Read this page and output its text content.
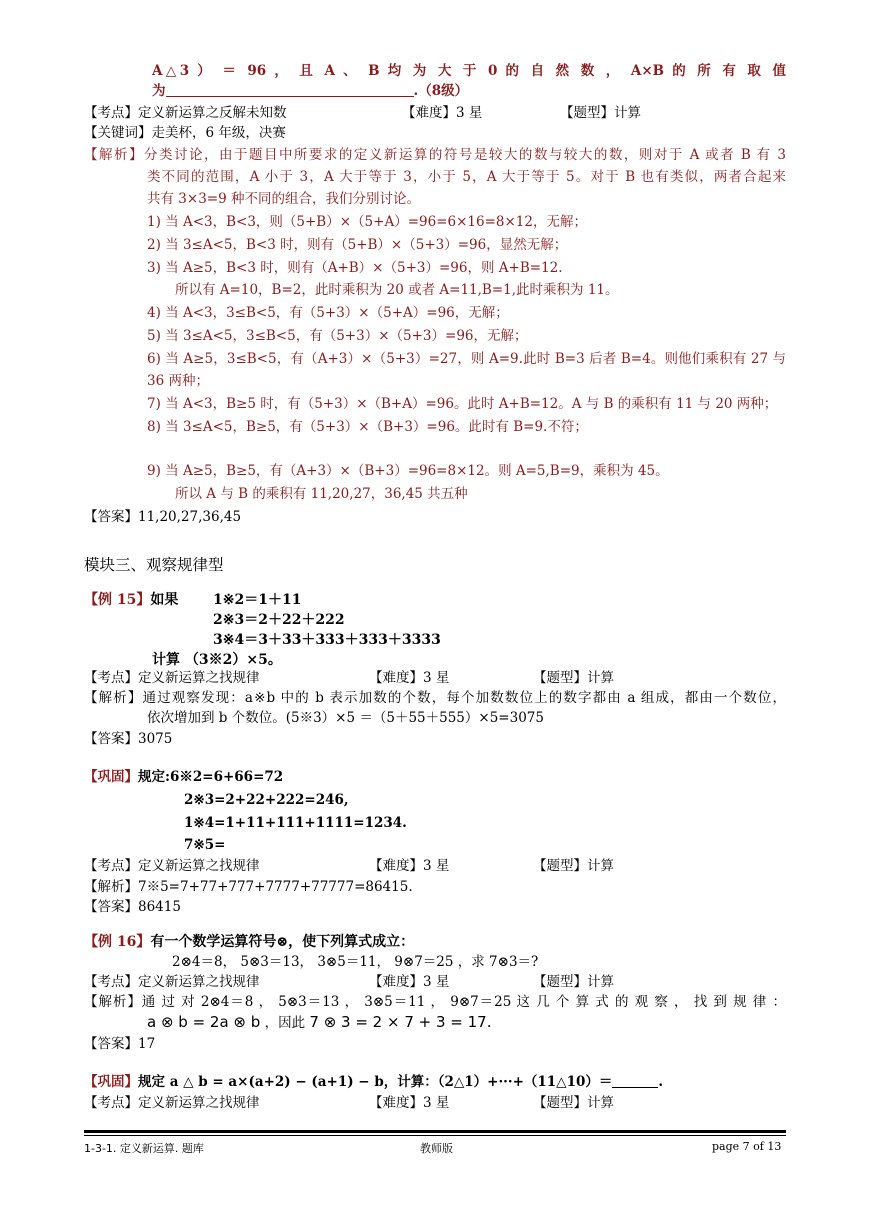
A△3 ） ＝ 96 ， 且 A 、 B 均 为 大 于 0 的 自 然 数 ， A×B 的 所 有 取 值
为	.（8级）
【考点】定义新运算之反解未知数	【难度】3 星	【题型】计算
【关键词】走美杯，6 年级，决赛
【解析】分类讨论，由于题目中所要求的定义新运算的符号是较大的数与较大的数，则对于 A 或者 B 有 3
类不同的范围，A 小于 3，A 大于等于 3，小于 5，A 大于等于 5。对于 B 也有类似，两者合起来
共有 3×3=9 种不同的组合，我们分别讨论。
1) 当 A<3，B<3，则（5+B）×（5+A）=96=6×16=8×12，无解；
2) 当 3≤A<5，B<3 时，则有（5+B）×（5+3）=96，显然无解；
3) 当 A≥5，B<3 时，则有（A+B）×（5+3）=96，则 A+B=12.
所以有 A=10，B=2，此时乘积为 20 或者 A=11,B=1,此时乘积为 11。
4) 当 A<3，3≤B<5，有（5+3）×（5+A）=96，无解；
5) 当 3≤A<5，3≤B<5，有（5+3）×（5+3）=96，无解；
6) 当 A≥5，3≤B<5，有（A+3）×（5+3）=27，则 A=9.此时 B=3 后者 B=4。则他们乘积有 27 与
36 两种；
7) 当 A<3，B≥5 时，有（5+3）×（B+A）=96。此时 A+B=12。A 与 B 的乘积有 11 与 20 两种；
8) 当 3≤A<5，B≥5，有（5+3）×（B+3）=96。此时有 B=9.不符；
9) 当 A≥5，B≥5，有（A+3）×（B+3）=96=8×12。则 A=5,B=9，乘积为 45。
所以 A 与 B 的乘积有 11,20,27，36,45 共五种
【答案】11,20,27,36,45
模块三、观察规律型
【例 15】如果 1※2＝1＋11
2※3＝2＋22＋222
3※4＝3＋33＋333＋333＋3333
计算 （3※2）×5。
【考点】定义新运算之找规律	【难度】3 星	【题型】计算
【解析】通过观察发现：a※b 中的 b 表示加数的个数，每个加数数位上的数字都由 a 组成，都由一个数位，
依次增加到 b 个数位。(5※3）×5 ＝（5＋55＋555）×5=3075
【答案】3075
【巩固】规定:6※2=6+66=72
2※3=2+22+222=246,
1※4=1+11+111+1111=1234.
7※5=
【考点】定义新运算之找规律	【难度】3 星	【题型】计算
【解析】7※5=7+77+777+7777+77777=86415.
【答案】86415
【例 16】有一个数学运算符号⊗，使下列算式成立：
2⊗4＝8， 5⊗3＝13， 3⊗5＝11， 9⊗7＝25 ，求 7⊗3＝?
【考点】定义新运算之找规律	【难度】3 星	【题型】计算
【解析】通 过 对 2⊗4＝8 ， 5⊗3＝13 ， 3⊗5＝11 ， 9⊗7＝25 这 几 个 算 式 的 观 察 ， 找 到 规 律 ：
a ⊗ b = 2a ⊗ b ，因此 7 ⊗ 3 = 2 × 7 + 3 = 17.
【答案】17
【巩固】规定 a △ b = a×(a+2) − (a+1) − b，计算：（2△1）+···+（11△10）＝	.
【考点】定义新运算之找规律	【难度】3 星	【题型】计算
1-3-1. 定义新运算. 题库	教师版	page 7 of 13
